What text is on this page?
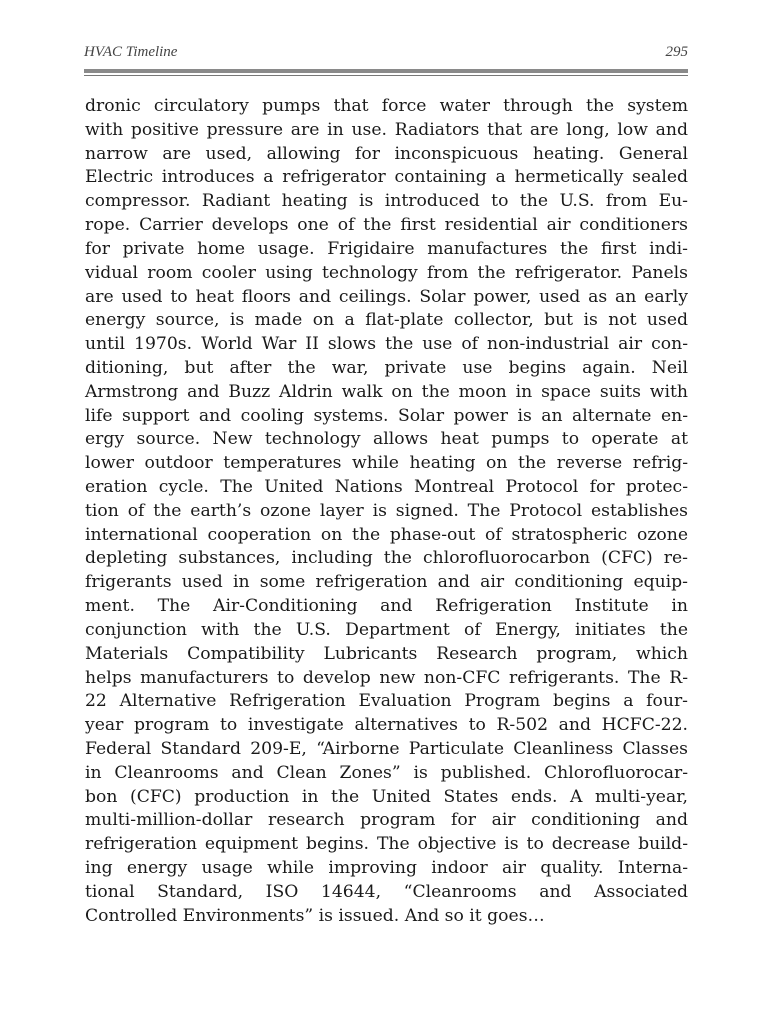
HVAC Timeline	295
dronic circulatory pumps that force water through the system
with positive pressure are in use. Radiators that are long, low and
narrow are used, allowing for inconspicuous heating. General
Electric introduces a refrigerator containing a hermetically sealed
compressor. Radiant heating is introduced to the U.S. from Eu-
rope. Carrier develops one of the first residential air conditioners
for private home usage. Frigidaire manufactures the first indi-
vidual room cooler using technology from the refrigerator. Panels
are used to heat floors and ceilings. Solar power, used as an early
energy source, is made on a flat-plate collector, but is not used
until 1970s. World War II slows the use of non-industrial air con-
ditioning, but after the war, private use begins again. Neil
Armstrong and Buzz Aldrin walk on the moon in space suits with
life support and cooling systems. Solar power is an alternate en-
ergy source. New technology allows heat pumps to operate at
lower outdoor temperatures while heating on the reverse refrig-
eration cycle. The United Nations Montreal Protocol for protec-
tion of the earth’s ozone layer is signed. The Protocol establishes
international cooperation on the phase-out of stratospheric ozone
depleting substances, including the chlorofluorocarbon (CFC) re-
frigerants used in some refrigeration and air conditioning equip-
ment. The Air-Conditioning and Refrigeration Institute in
conjunction with the U.S. Department of Energy, initiates the
Materials Compatibility Lubricants Research program, which
helps manufacturers to develop new non-CFC refrigerants. The R-
22 Alternative Refrigeration Evaluation Program begins a four-
year program to investigate alternatives to R-502 and HCFC-22.
Federal Standard 209-E, “Airborne Particulate Cleanliness Classes
in Cleanrooms and Clean Zones” is published. Chlorofluorocar-
bon (CFC) production in the United States ends. A multi-year,
multi-million-dollar research program for air conditioning and
refrigeration equipment begins. The objective is to decrease build-
ing energy usage while improving indoor air quality. Interna-
tional Standard, ISO 14644, “Cleanrooms and Associated
Controlled Environments” is issued. And so it goes…
